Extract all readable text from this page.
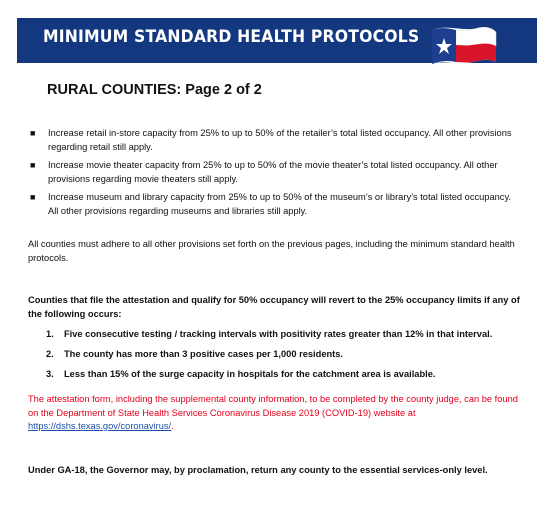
MINIMUM STANDARD HEALTH PROTOCOLS
RURAL COUNTIES: Page 2 of 2
■ Increase retail in-store capacity from 25% to up to 50% of the retailer’s total listed occupancy. All other provisions regarding retail still apply.
■ Increase movie theater capacity from 25% to up to 50% of the movie theater’s total listed occupancy. All other provisions regarding movie theaters still apply.
■ Increase museum and library capacity from 25% to up to 50% of the museum’s or library’s total listed occupancy. All other provisions regarding museums and libraries still apply.

All counties must adhere to all other provisions set forth on the previous pages, including the minimum standard health protocols.

Counties that file the attestation and qualify for 50% occupancy will revert to the 25% occupancy limits if any of the following occurs:

1. Five consecutive testing / tracking intervals with positivity rates greater than 12% in that interval.
2. The county has more than 3 positive cases per 1,000 residents.
3. Less than 15% of the surge capacity in hospitals for the catchment area is available.

The attestation form, including the supplemental county information, to be completed by the county judge, can be found on the Department of State Health Services Coronavirus Disease 2019 (COVID-19) website at https://dshs.texas.gov/coronavirus/.

Under GA-18, the Governor may, by proclamation, return any county to the essential services-only level.
